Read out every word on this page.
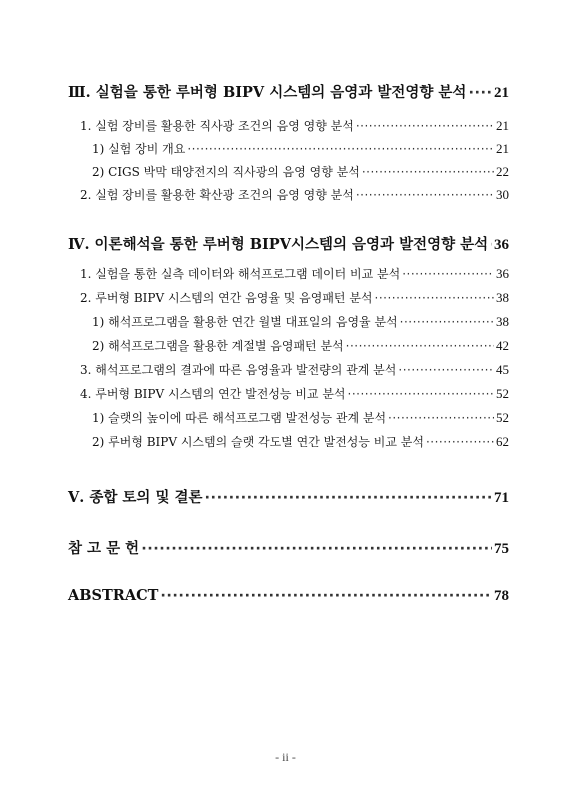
Ⅲ. 실험을 통한 루버형 BIPV 시스템의 음영과 발전영향 분석 ····· 21
1. 실험 장비를 활용한 직사광 조건의 음영 영향 분석 ·····	21
1) 실험 장비 개요 ·····	21
2) CIGS 박막 태양전지의 직사광의 음영 영향 분석 ·····	22
2. 실험 장비를 활용한 확산광 조건의 음영 영향 분석 ·····	30
Ⅳ. 이론해석을 통한 루버형 BIPV시스템의 음영과 발전영향 분석 ····· 36
1. 실험을 통한 실측 데이터와 해석프로그램 데이터 비교 분석 ·····	36
2. 루버형 BIPV 시스템의 연간 음영율 및 음영패턴 분석 ·····	38
1) 해석프로그램을 활용한 연간 월별 대표일의 음영율 분석 ·····	38
2) 해석프로그램을 활용한 계절별 음영패턴 분석 ·····	42
3. 해석프로그램의 결과에 따른 음영율과 발전량의 관계 분석 ·····	45
4. 루버형 BIPV 시스템의 연간 발전성능 비교 분석 ·····	52
1) 슬랫의 높이에 따른 해석프로그램 발전성능 관계 분석 ·····	52
2) 루버형 BIPV 시스템의 슬랫 각도별 연간 발전성능 비교 분석 ·····	62
Ⅴ. 종합 토의 및 결론 ·····	71
참 고 문 헌 ·····	75
ABSTRACT ·····	78
- ii -
